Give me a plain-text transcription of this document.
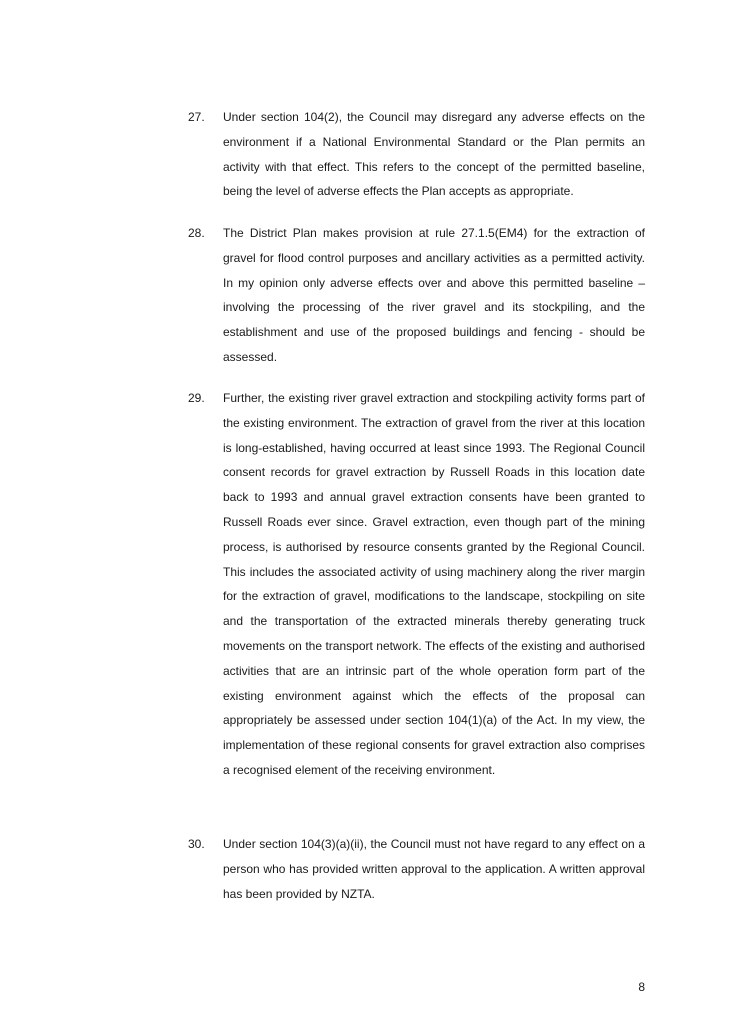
27. Under section 104(2), the Council may disregard any adverse effects on the environment if a National Environmental Standard or the Plan permits an activity with that effect. This refers to the concept of the permitted baseline, being the level of adverse effects the Plan accepts as appropriate.
28. The District Plan makes provision at rule 27.1.5(EM4) for the extraction of gravel for flood control purposes and ancillary activities as a permitted activity. In my opinion only adverse effects over and above this permitted baseline – involving the processing of the river gravel and its stockpiling, and the establishment and use of the proposed buildings and fencing - should be assessed.
29. Further, the existing river gravel extraction and stockpiling activity forms part of the existing environment. The extraction of gravel from the river at this location is long-established, having occurred at least since 1993. The Regional Council consent records for gravel extraction by Russell Roads in this location date back to 1993 and annual gravel extraction consents have been granted to Russell Roads ever since. Gravel extraction, even though part of the mining process, is authorised by resource consents granted by the Regional Council. This includes the associated activity of using machinery along the river margin for the extraction of gravel, modifications to the landscape, stockpiling on site and the transportation of the extracted minerals thereby generating truck movements on the transport network. The effects of the existing and authorised activities that are an intrinsic part of the whole operation form part of the existing environment against which the effects of the proposal can appropriately be assessed under section 104(1)(a) of the Act. In my view, the implementation of these regional consents for gravel extraction also comprises a recognised element of the receiving environment.
30. Under section 104(3)(a)(ii), the Council must not have regard to any effect on a person who has provided written approval to the application. A written approval has been provided by NZTA.
8
